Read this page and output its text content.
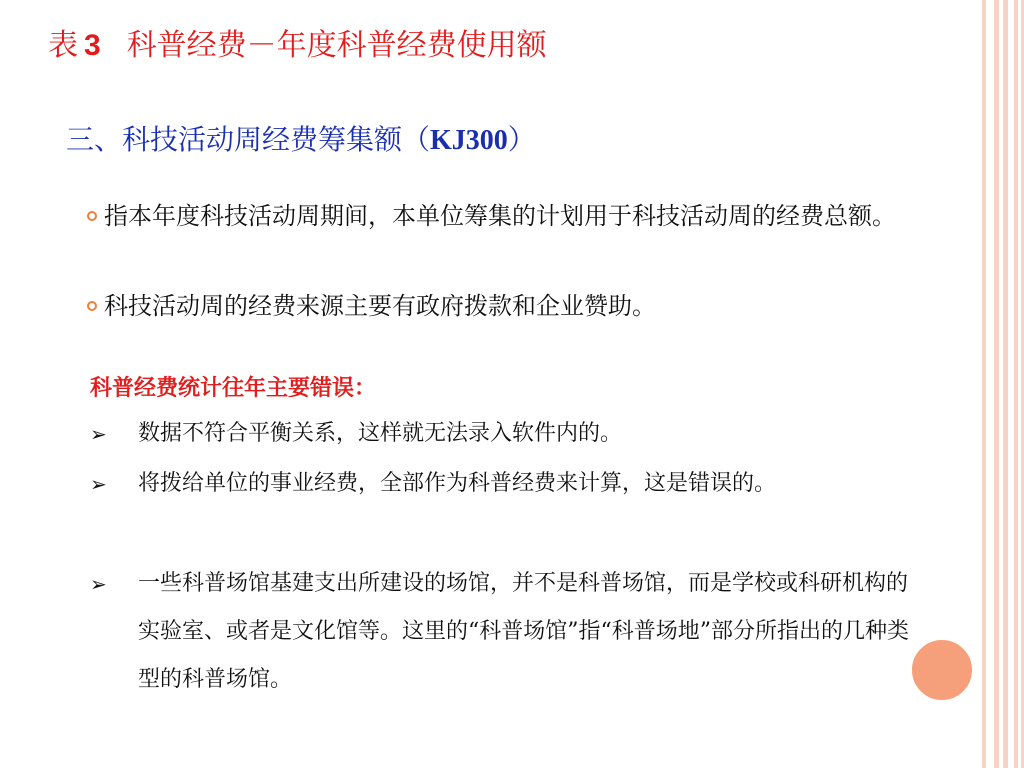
表 3 科普经费－年度科普经费使用额
三、科技活动周经费筹集额（KJ300）
指本年度科技活动周期间，本单位筹集的计划用于科技活动周的经费总额。
科技活动周的经费来源主要有政府拨款和企业赞助。
科普经费统计往年主要错误：
➢ 数据不符合平衡关系，这样就无法录入软件内的。
➢ 将拨给单位的事业经费，全部作为科普经费来计算，这是错误的。
➢ 一些科普场馆基建支出所建设的场馆，并不是科普场馆，而是学校或科研机构的实验室、或者是文化馆等。这里的“科普场馆”指“科普场地”部分所指出的几种类型的科普场馆。
